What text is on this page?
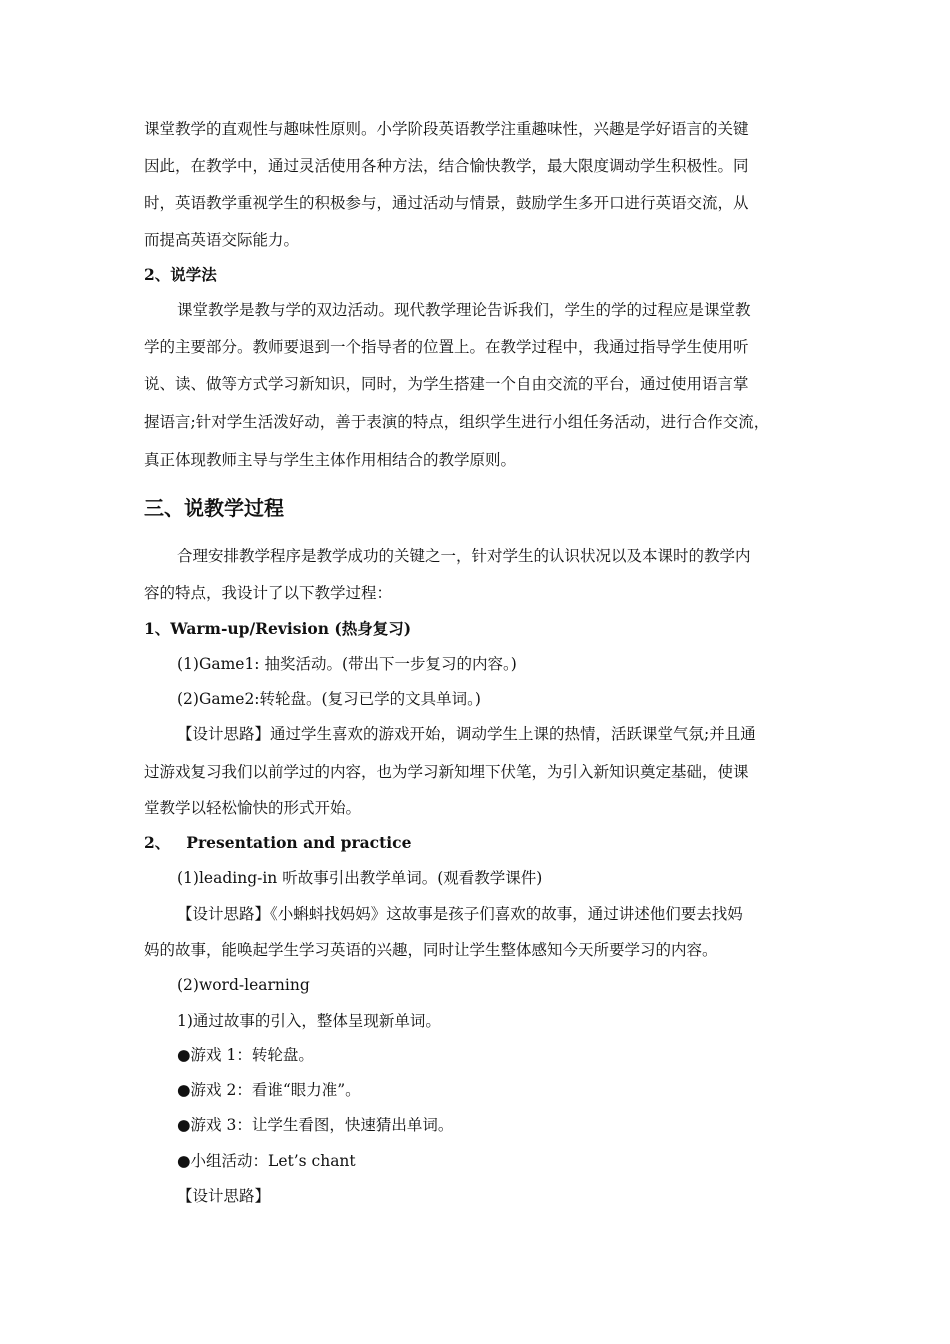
课堂教学的直观性与趣味性原则。小学阶段英语教学注重趣味性，兴趣是学好语言的关键
因此，在教学中，通过灵活使用各种方法，结合愉快教学，最大限度调动学生积极性。同
时，英语教学重视学生的积极参与，通过活动与情景，鼓励学生多开口进行英语交流，从
而提高英语交际能力。
2、说学法
课堂教学是教与学的双边活动。现代教学理论告诉我们，学生的学的过程应是课堂教
学的主要部分。教师要退到一个指导者的位置上。在教学过程中，我通过指导学生使用听
说、读、做等方式学习新知识，同时，为学生搭建一个自由交流的平台，通过使用语言掌
握语言;针对学生活泼好动，善于表演的特点，组织学生进行小组任务活动，进行合作交流，
真正体现教师主导与学生主体作用相结合的教学原则。
三、说教学过程
合理安排教学程序是教学成功的关键之一，针对学生的认识状况以及本课时的教学内
容的特点，我设计了以下教学过程：
1、Warm-up/Revision (热身复习)
(1)Game1: 抽奖活动。(带出下一步复习的内容。)
(2)Game2:转轮盘。(复习已学的文具单词。)
【设计思路】通过学生喜欢的游戏开始，调动学生上课的热情，活跃课堂气氛;并且通
过游戏复习我们以前学过的内容，也为学习新知埋下伏笔，为引入新知识奠定基础，使课
堂教学以轻松愉快的形式开始。
2、 Presentation and practice
(1)leading-in 听故事引出教学单词。(观看教学课件)
【设计思路】《小蝌蚪找妈妈》这故事是孩子们喜欢的故事，通过讲述他们要去找妈
妈的故事，能唤起学生学习英语的兴趣，同时让学生整体感知今天所要学习的内容。
(2)word-learning
1)通过故事的引入，整体呈现新单词。
●游戏 1：转轮盘。
●游戏 2：看谁“眼力准”。
●游戏 3：让学生看图，快速猜出单词。
●小组活动：Let’s chant
【设计思路】
